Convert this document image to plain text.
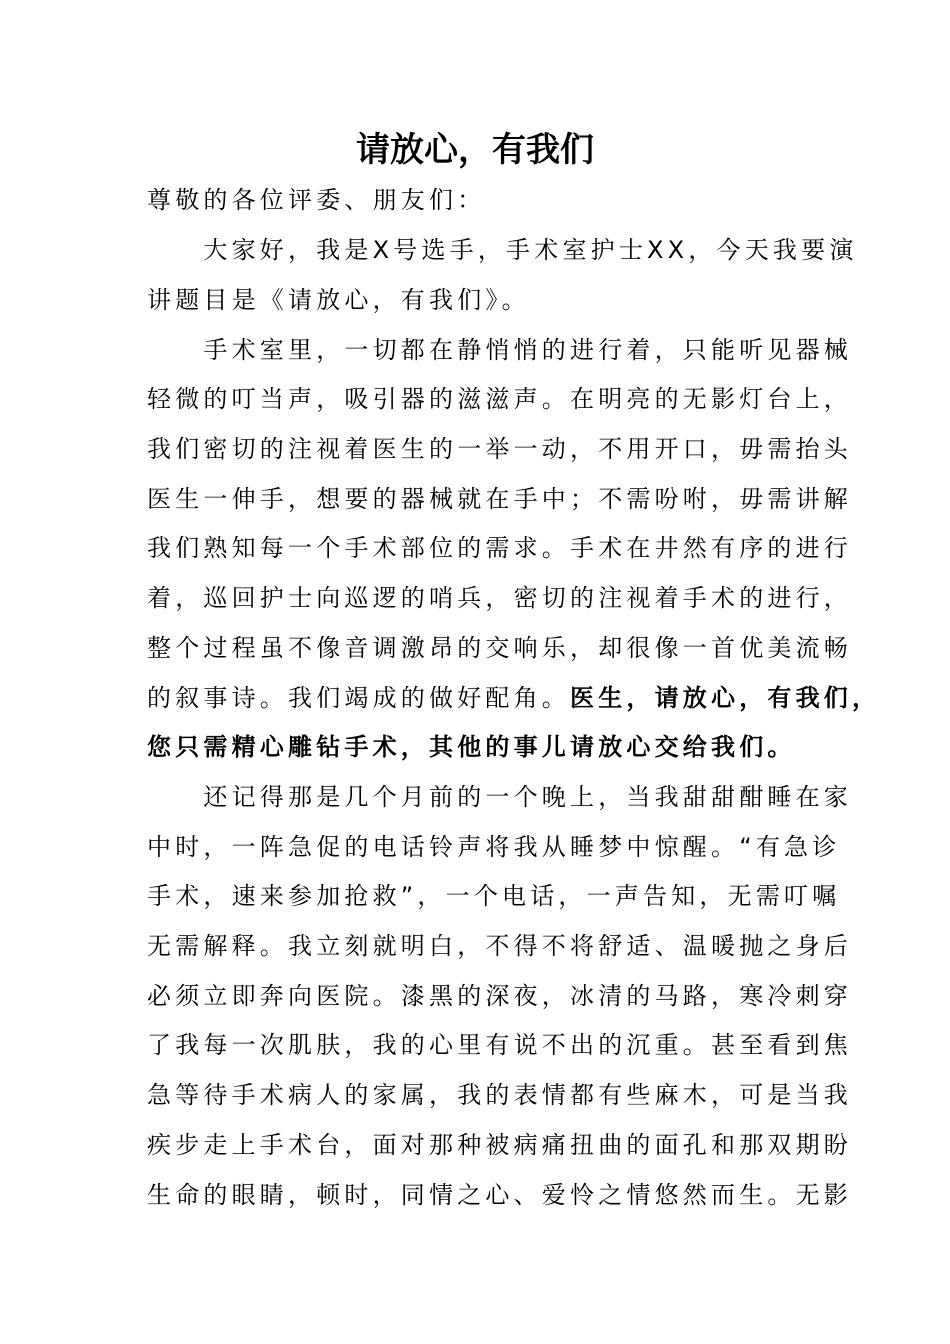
请放心，有我们
尊敬的各位评委、朋友们：
　　大家好，我是X号选手，手术室护士XX，今天我要演
讲题目是《请放心，有我们》。
　　手术室里，一切都在静悄悄的进行着，只能听见器械
轻微的叮当声，吸引器的滋滋声。在明亮的无影灯台上，
我们密切的注视着医生的一举一动，不用开口，毋需抬头
医生一伸手，想要的器械就在手中；不需吩咐，毋需讲解
我们熟知每一个手术部位的需求。手术在井然有序的进行
着，巡回护士向巡逻的哨兵，密切的注视着手术的进行，
整个过程虽不像音调激昂的交响乐，却很像一首优美流畅
的叙事诗。我们竭成的做好配角。医生，请放心，有我们，
您只需精心雕钻手术，其他的事儿请放心交给我们。
　　还记得那是几个月前的一个晚上，当我甜甜酣睡在家
中时，一阵急促的电话铃声将我从睡梦中惊醒。“有急诊
手术，速来参加抢救”，一个电话，一声告知，无需叮嘱
无需解释。我立刻就明白，不得不将舒适、温暖抛之身后
必须立即奔向医院。漆黑的深夜，冰清的马路，寒冷刺穿
了我每一次肌肤，我的心里有说不出的沉重。甚至看到焦
急等待手术病人的家属，我的表情都有些麻木，可是当我
疾步走上手术台，面对那种被病痛扭曲的面孔和那双期盼
生命的眼睛，顿时，同情之心、爱怜之情悠然而生。无影
